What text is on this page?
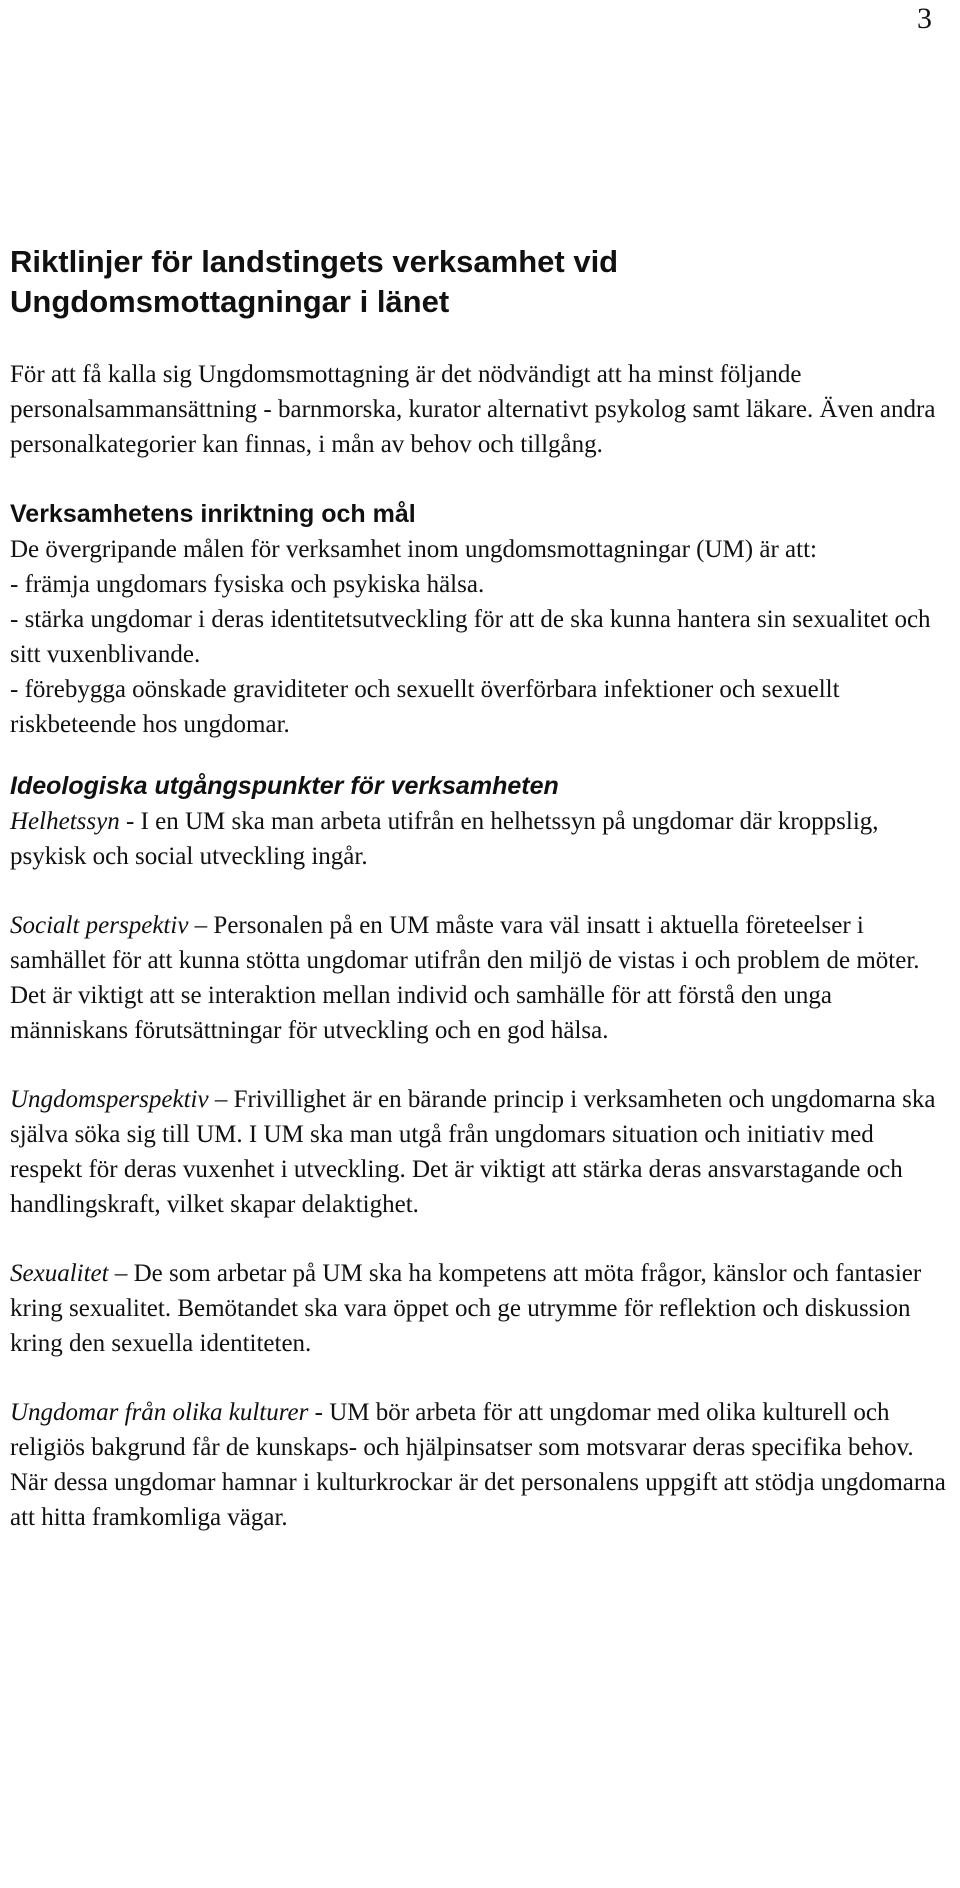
3
Riktlinjer för landstingets verksamhet vid Ungdomsmottagningar i länet

För att få kalla sig Ungdomsmottagning är det nödvändigt att ha minst följande personalsammansättning - barnmorska, kurator alternativt psykolog samt läkare. Även andra personalkategorier kan finnas, i mån av behov och tillgång.

Verksamhetens inriktning och mål

De övergripande målen för verksamhet inom ungdomsmottagningar (UM) är att:

- främja ungdomars fysiska och psykiska hälsa.
- stärka ungdomar i deras identitetsutveckling för att de ska kunna hantera sin sexualitet och sitt vuxenblivande.
- förebygga oönskade graviditeter och sexuellt överförbara infektioner och sexuellt riskbeteende hos ungdomar.
Ideologiska utgångspunkter för verksamheten

Helhetssyn - I en UM ska man arbeta utifrån en helhetssyn på ungdomar där kroppslig, psykisk och social utveckling ingår.

Socialt perspektiv – Personalen på en UM måste vara väl insatt i aktuella företeelser i samhället för att kunna stötta ungdomar utifrån den miljö de vistas i och problem de möter. Det är viktigt att se interaktion mellan individ och samhälle för att förstå den unga människans förutsättningar för utveckling och en god hälsa.

Ungdomsperspektiv – Frivillighet är en bärande princip i verksamheten och ungdomarna ska själva söka sig till UM. I UM ska man utgå från ungdomars situation och initiativ med respekt för deras vuxenhet i utveckling. Det är viktigt att stärka deras ansvarstagande och handlingskraft, vilket skapar delaktighet.

Sexualitet – De som arbetar på UM ska ha kompetens att möta frågor, känslor och fantasier kring sexualitet. Bemötandet ska vara öppet och ge utrymme för reflektion och diskussion kring den sexuella identiteten.

Ungdomar från olika kulturer - UM bör arbeta för att ungdomar med olika kulturell och religiös bakgrund får de kunskaps- och hjälpinsatser som motsvarar deras specifika behov. När dessa ungdomar hamnar i kulturkrockar är det personalens uppgift att stödja ungdomarna att hitta framkomliga vägar.
